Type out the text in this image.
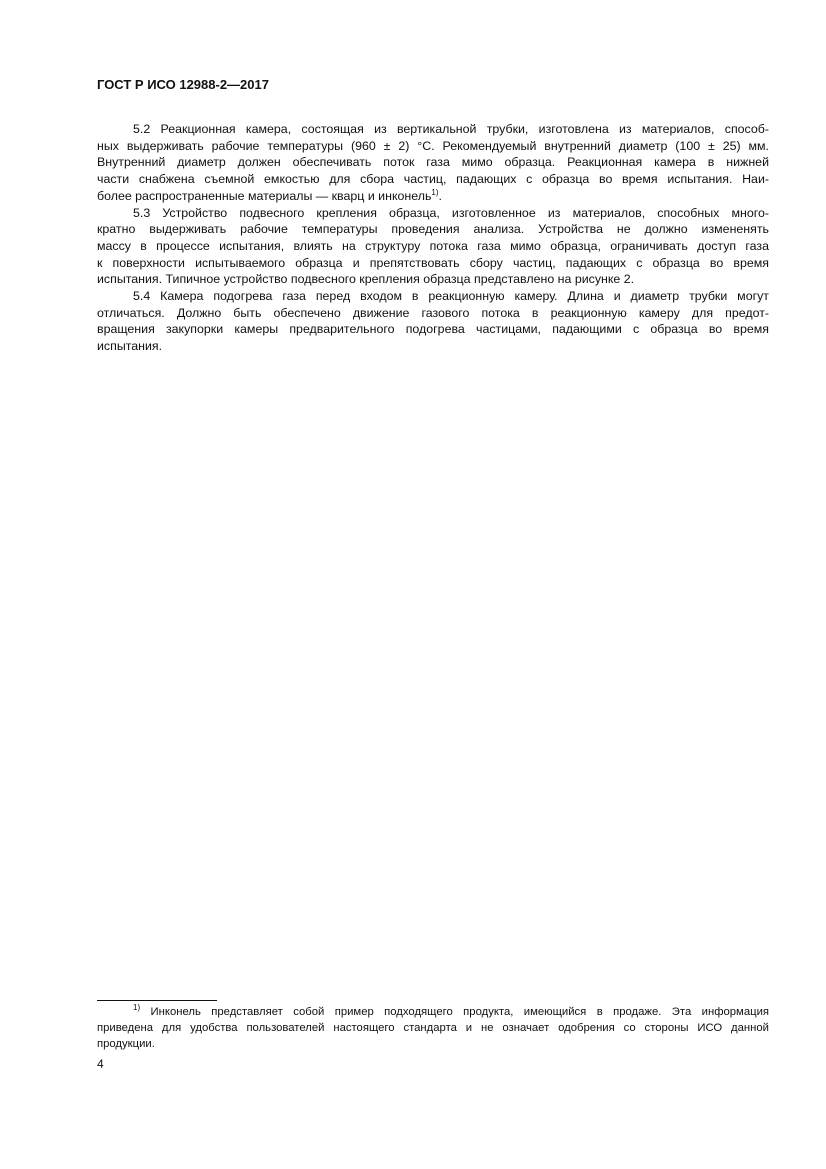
ГОСТ Р ИСО 12988-2—2017
5.2 Реакционная камера, состоящая из вертикальной трубки, изготовлена из материалов, способ-
ных выдерживать рабочие температуры (960 ± 2) °С. Рекомендуемый внутренний диаметр (100 ± 25) мм.
Внутренний диаметр должен обеспечивать поток газа мимо образца. Реакционная камера в нижней
части снабжена съемной емкостью для сбора частиц, падающих с образца во время испытания. Наи-
более распространенные материалы — кварц и инконель$^{1)}$.
5.3 Устройство подвесного крепления образца, изготовленное из материалов, способных много-
кратно выдерживать рабочие температуры проведения анализа. Устройства не должно измененять
массу в процессе испытания, влиять на структуру потока газа мимо образца, ограничивать доступ газа
к поверхности испытываемого образца и препятствовать сбору частиц, падающих с образца во время
испытания. Типичное устройство подвесного крепления образца представлено на рисунке 2.
5.4 Камера подогрева газа перед входом в реакционную камеру. Длина и диаметр трубки могут
отличаться. Должно быть обеспечено движение газового потока в реакционную камеру для предот-
вращения закупорки камеры предварительного подогрева частицами, падающими с образца во время
испытания.
$^{1)}$ Инконель представляет собой пример подходящего продукта, имеющийся в продаже. Эта информация
приведена для удобства пользователей настоящего стандарта и не означает одобрения со стороны ИСО данной
продукции.
4
